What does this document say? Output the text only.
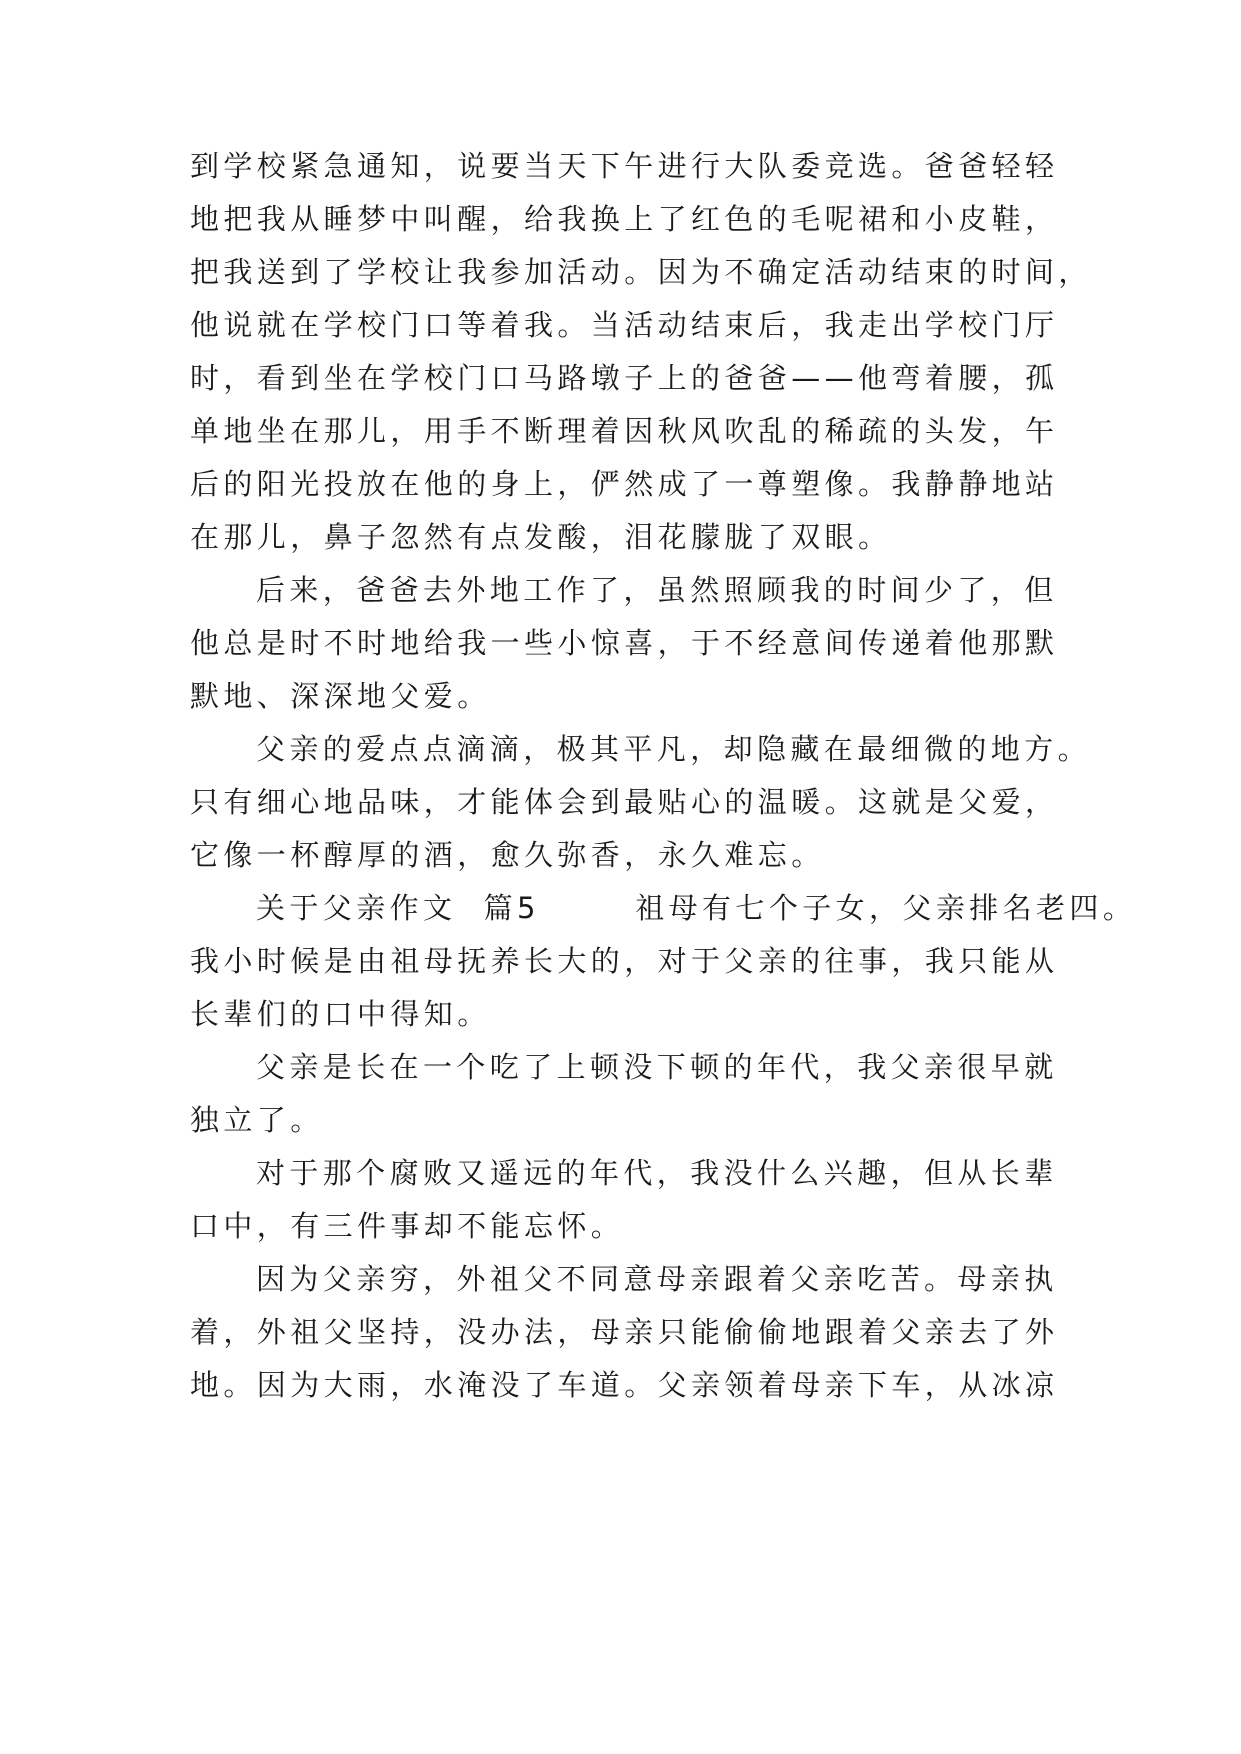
到学校紧急通知，说要当天下午进行大队委竞选。爸爸轻轻
地把我从睡梦中叫醒，给我换上了红色的毛呢裙和小皮鞋，
把我送到了学校让我参加活动。因为不确定活动结束的时间，
他说就在学校门口等着我。当活动结束后，我走出学校门厅
时，看到坐在学校门口马路墩子上的爸爸——他弯着腰，孤
单地坐在那儿，用手不断理着因秋风吹乱的稀疏的头发，午
后的阳光投放在他的身上，俨然成了一尊塑像。我静静地站
在那儿，鼻子忽然有点发酸，泪花朦胧了双眼。
后来，爸爸去外地工作了，虽然照顾我的时间少了，但
他总是时不时地给我一些小惊喜，于不经意间传递着他那默
默地、深深地父爱。
父亲的爱点点滴滴，极其平凡，却隐藏在最细微的地方。
只有细心地品味，才能体会到最贴心的温暖。这就是父爱，
它像一杯醇厚的酒，愈久弥香，永久难忘。
关于父亲作文  篇5       祖母有七个子女，父亲排名老四。
我小时候是由祖母抚养长大的，对于父亲的往事，我只能从
长辈们的口中得知。
父亲是长在一个吃了上顿没下顿的年代，我父亲很早就
独立了。
对于那个腐败又遥远的年代，我没什么兴趣，但从长辈
口中，有三件事却不能忘怀。
因为父亲穷，外祖父不同意母亲跟着父亲吃苦。母亲执
着，外祖父坚持，没办法，母亲只能偷偷地跟着父亲去了外
地。因为大雨，水淹没了车道。父亲领着母亲下车，从冰凉
